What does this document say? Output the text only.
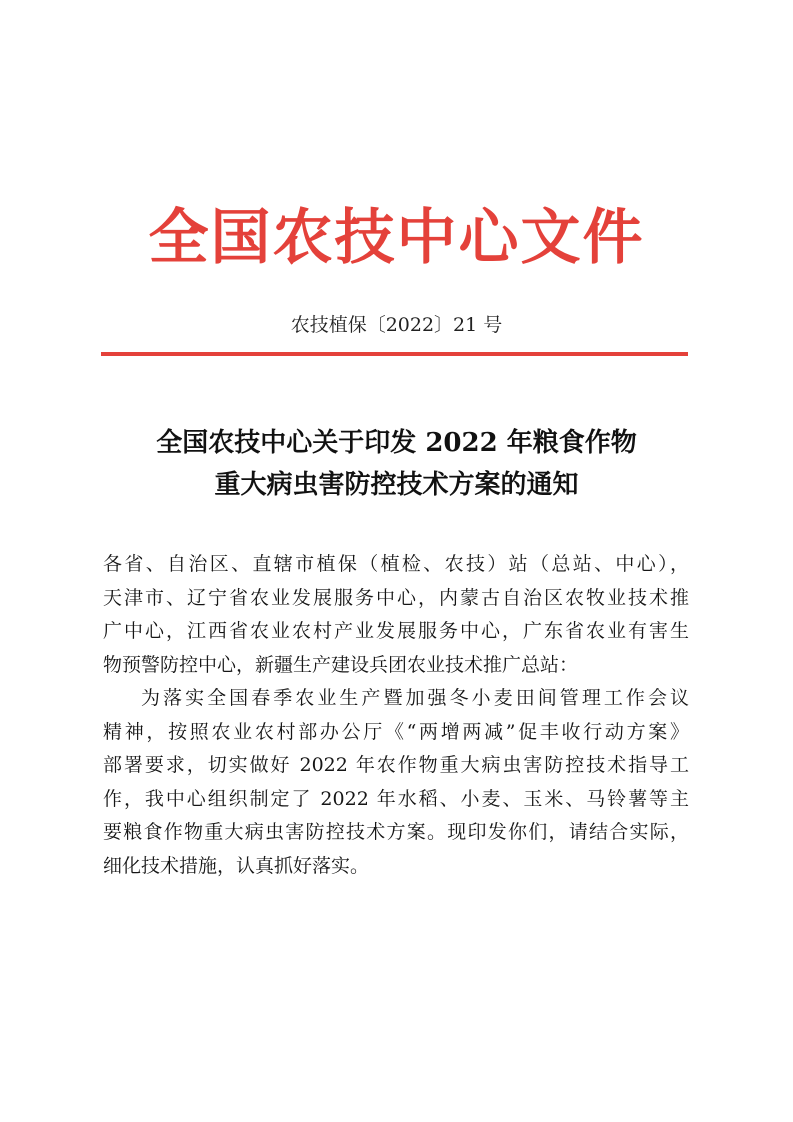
全国农技中心文件
农技植保〔2022〕21 号
全国农技中心关于印发 2022 年粮食作物
重大病虫害防控技术方案的通知
各省、自治区、直辖市植保（植检、农技）站（总站、中心），
天津市、辽宁省农业发展服务中心，内蒙古自治区农牧业技术推
广中心，江西省农业农村产业发展服务中心，广东省农业有害生
物预警防控中心，新疆生产建设兵团农业技术推广总站：
为落实全国春季农业生产暨加强冬小麦田间管理工作会议
精神，按照农业农村部办公厅《“两增两减”促丰收行动方案》
部署要求，切实做好 2022 年农作物重大病虫害防控技术指导工
作，我中心组织制定了 2022 年水稻、小麦、玉米、马铃薯等主
要粮食作物重大病虫害防控技术方案。现印发你们，请结合实际，
细化技术措施，认真抓好落实。
